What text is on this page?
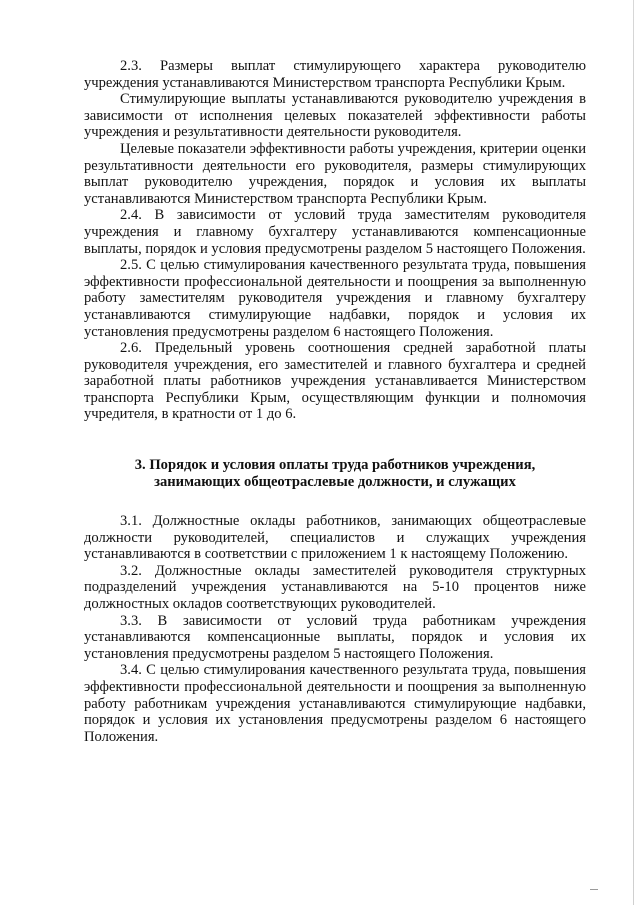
2.3. Размеры выплат стимулирующего характера руководителю учреждения устанавливаются Министерством транспорта Республики Крым.

Стимулирующие выплаты устанавливаются руководителю учреждения в зависимости от исполнения целевых показателей эффективности работы учреждения и результативности деятельности руководителя.

Целевые показатели эффективности работы учреждения, критерии оценки результативности деятельности его руководителя, размеры стимулирующих выплат руководителю учреждения, порядок и условия их выплаты устанавливаются Министерством транспорта Республики Крым.

2.4. В зависимости от условий труда заместителям руководителя учреждения и главному бухгалтеру устанавливаются компенсационные выплаты, порядок и условия предусмотрены разделом 5 настоящего Положения.

2.5. С целью стимулирования качественного результата труда, повышения эффективности профессиональной деятельности и поощрения за выполненную работу заместителям руководителя учреждения и главному бухгалтеру устанавливаются стимулирующие надбавки, порядок и условия их установления предусмотрены разделом 6 настоящего Положения.

2.6. Предельный уровень соотношения средней заработной платы руководителя учреждения, его заместителей и главного бухгалтера и средней заработной платы работников учреждения устанавливается Министерством транспорта Республики Крым, осуществляющим функции и полномочия учредителя, в кратности от 1 до 6.

3. Порядок и условия оплаты труда работников учреждения,

занимающих общеотраслевые должности, и служащих

3.1. Должностные оклады работников, занимающих общеотраслевые должности руководителей, специалистов и служащих учреждения устанавливаются в соответствии с приложением 1 к настоящему Положению.

3.2. Должностные оклады заместителей руководителя структурных подразделений учреждения устанавливаются на 5-10 процентов ниже должностных окладов соответствующих руководителей.

3.3. В зависимости от условий труда работникам учреждения устанавливаются компенсационные выплаты, порядок и условия их установления предусмотрены разделом 5 настоящего Положения.

3.4. С целью стимулирования качественного результата труда, повышения эффективности профессиональной деятельности и поощрения за выполненную работу работникам учреждения устанавливаются стимулирующие надбавки, порядок и условия их установления предусмотрены разделом 6 настоящего Положения.
